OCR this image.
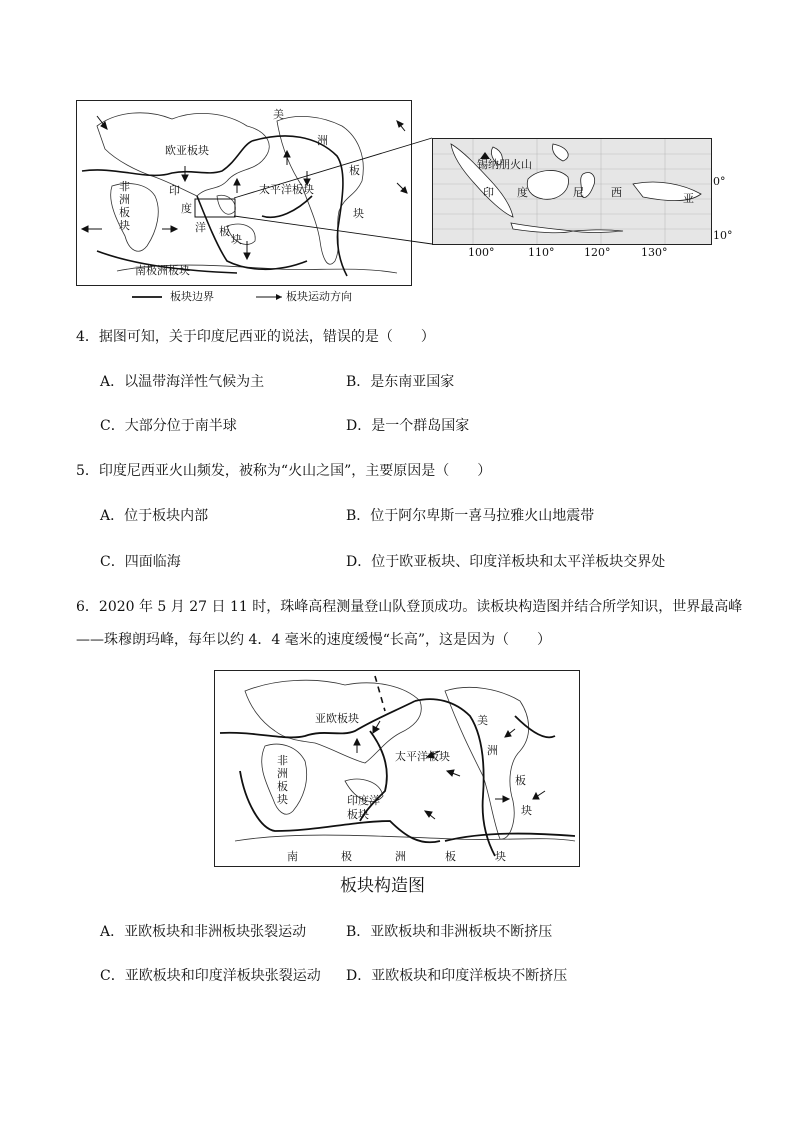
欧亚板块
非
洲
板
块
印
度
洋 板
块
太平洋板块
美
洲
板
块
南极洲板块
锡纳朋火山
印 度	尼 西	亚
0°
10°
100°	110°	120°	130°
板块边界	板块运动方向
4．据图可知，关于印度尼西亚的说法，错误的是（　　）
A．以温带海洋性气候为主	B．是东南亚国家
C．大部分位于南半球	D．是一个群岛国家
5．印度尼西亚火山频发，被称为“火山之国”，主要原因是（　　）
A．位于板块内部	B．位于阿尔卑斯一喜马拉雅火山地震带
C．四面临海	D．位于欧亚板块、印度洋板块和太平洋板块交界处
6．2020 年 5 月 27 日 11 时，珠峰高程测量登山队登顶成功。读板块构造图并结合所学知识，世界最高峰
——珠穆朗玛峰，每年以约 4．4 毫米的速度缓慢“长高”，这是因为（　　）
亚欧板块
太平洋板块
非
洲
板
块	印度洋
板块
美
洲
板
块
南	极	洲	板	块
板块构造图
A．亚欧板块和非洲板块张裂运动	B．亚欧板块和非洲板块不断挤压
C．亚欧板块和印度洋板块张裂运动 D．亚欧板块和印度洋板块不断挤压
